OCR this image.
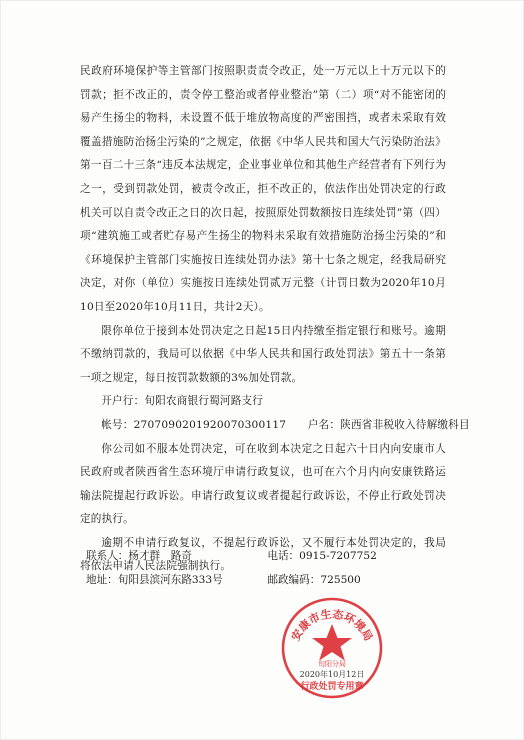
民政府环境保护等主管部门按照职责责令改正，处一万元以上十万元以下的罚款；拒不改正的，责令停工整治或者停业整治”第（二）项“对不能密闭的易产生扬尘的物料，未设置不低于堆放物高度的严密围挡，或者未采取有效覆盖措施防治扬尘污染的”之规定，依据《中华人民共和国大气污染防治法》第一百二十三条“违反本法规定，企业事业单位和其他生产经营者有下列行为之一，受到罚款处罚，被责令改正，拒不改正的，依法作出处罚决定的行政机关可以自责令改正之日的次日起，按照原处罚数额按日连续处罚”第（四）项“建筑施工或者贮存易产生扬尘的物料未采取有效措施防治扬尘污染的”和《环境保护主管部门实施按日连续处罚办法》第十七条之规定，经我局研究决定，对你（单位）实施按日连续处罚贰万元整（计罚日数为2020年10月10日至2020年10月11日，共计2天）。

限你单位于接到本处罚决定之日起15日内持缴至指定银行和账号。逾期不缴纳罚款的，我局可以依据《中华人民共和国行政处罚法》第五十一条第一项之规定，每日按罚款数额的3%加处罚款。

开户行：旬阳农商银行蜀河路支行

帐号：2707090201920070300117　　户名：陕西省非税收入待解缴科目

你公司如不服本处罚决定，可在收到本决定之日起六十日内向安康市人民政府或者陕西省生态环境厅申请行政复议，也可在六个月内向安康铁路运输法院提起行政诉讼。申请行政复议或者提起行政诉讼，不停止行政处罚决定的执行。

逾期不申请行政复议，不提起行政诉讼，又不履行本处罚决定的，我局将依法申请人民法院强制执行。

联系人：杨才群　路奇	电话：0915-7207752
地址：旬阳县滨河东路333号	邮政编码：725500
安康市生态环境局
旬阳分局
2020年10月12日
行政处罚专用章
